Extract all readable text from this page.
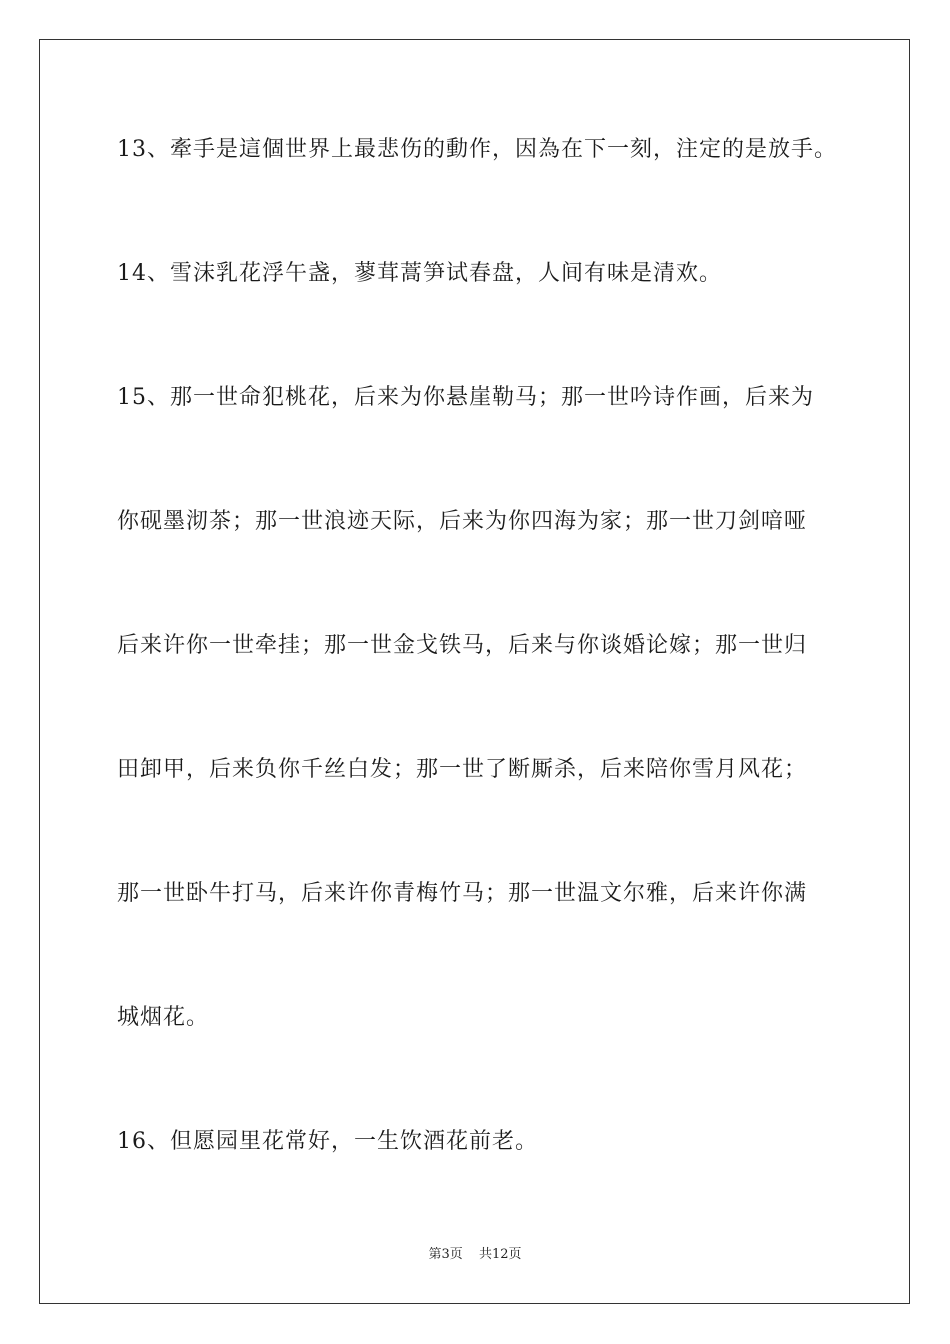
13、牽手是這個世界上最悲伤的動作，因為在下一刻，注定的是放手。
14、雪沫乳花浮午盏，蓼茸蒿笋试春盘，人间有味是清欢。
15、那一世命犯桃花，后来为你悬崖勒马；那一世吟诗作画，后来为
你砚墨沏茶；那一世浪迹天际，后来为你四海为家；那一世刀剑喑哑
后来许你一世牵挂；那一世金戈铁马，后来与你谈婚论嫁；那一世归
田卸甲，后来负你千丝白发；那一世了断厮杀，后来陪你雪月风花；
那一世卧牛打马，后来许你青梅竹马；那一世温文尔雅，后来许你满
城烟花。
16、但愿园里花常好，一生饮酒花前老。
第3页 共12页
